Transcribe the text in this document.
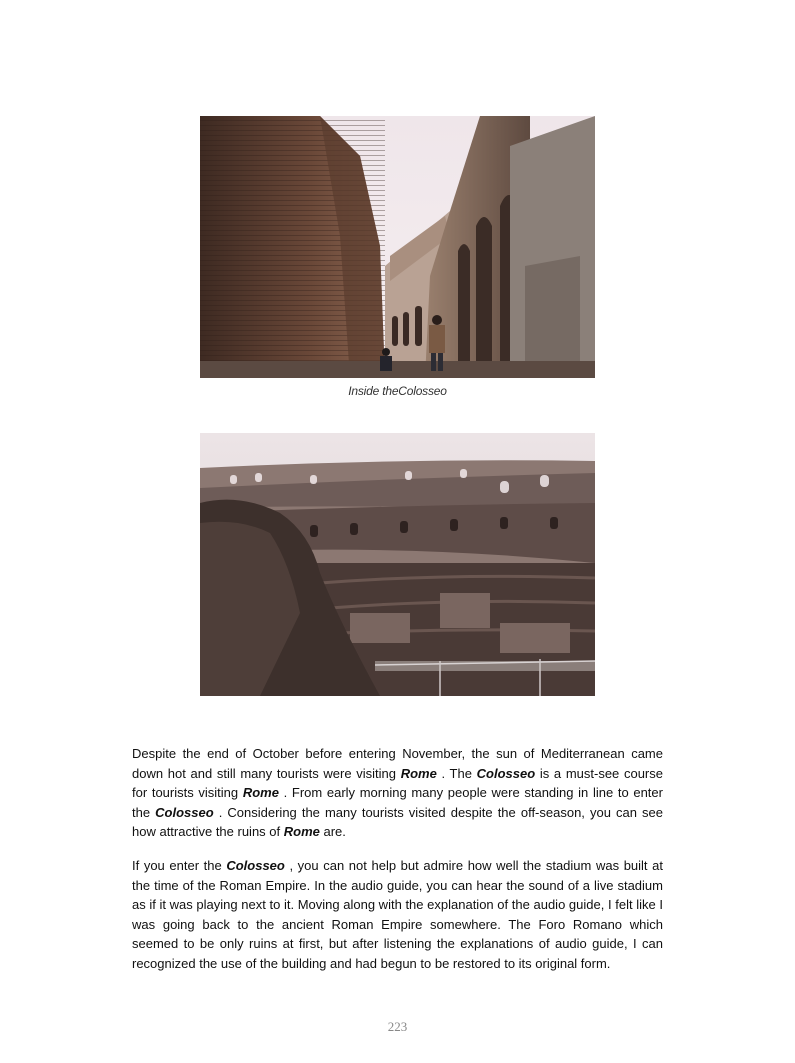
Inside theColosseo

Despite the end of October before entering November, the sun of Mediterranean came down hot and still many tourists were visiting Rome . The Colosseo is a must-see course for tourists visiting Rome . From early morning many people were standing in line to enter the Colosseo . Considering the many tourists visited despite the off-season, you can see how attractive the ruins of Rome are.

If you enter the Colosseo , you can not help but admire how well the stadium was built at the time of the Roman Empire. In the audio guide, you can hear the sound of a live stadium as if it was playing next to it. Moving along with the explanation of the audio guide, I felt like I was going back to the ancient Roman Empire somewhere. The Foro Romano which seemed to be only ruins at first, but after listening the explanations of audio guide, I can recognized the use of the building and had begun to be restored to its original form.

223
